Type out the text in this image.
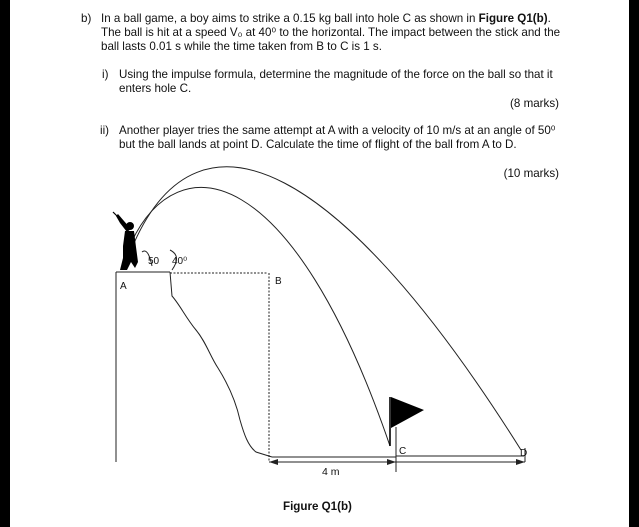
b) In a ball game, a boy aims to strike a 0.15 kg ball into hole C as shown in Figure Q1(b).
The ball is hit at a speed V₀ at 40⁰ to the horizontal. The impact between the stick and the
ball lasts 0.01 s while the time taken from B to C is 1 s.
i) Using the impulse formula, determine the magnitude of the force on the ball so that it
enters hole C.
(8 marks)
ii) Another player tries the same attempt at A with a velocity of 10 m/s at an angle of 50⁰
but the ball lands at point D. Calculate the time of flight of the ball from A to D.
(10 marks)
A	B
C	D
50 40⁰
4 m
Figure Q1(b)
